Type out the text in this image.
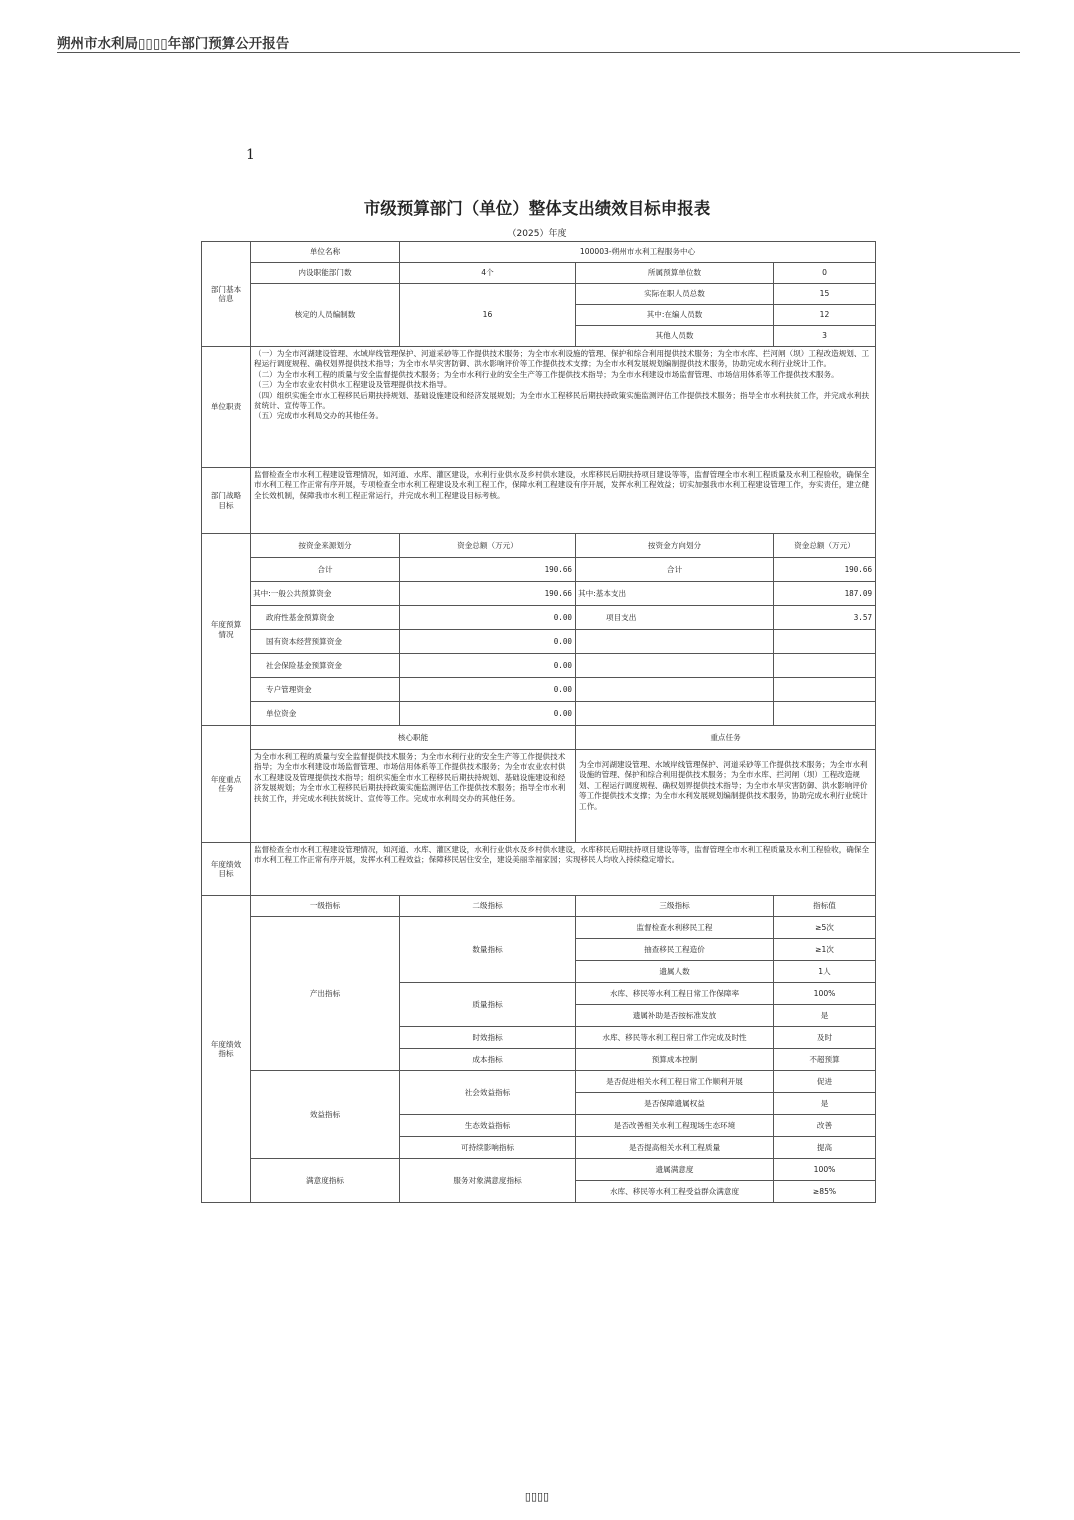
朔州市水利局▯▯▯▯年部门预算公开报告
1
市级预算部门（单位）整体支出绩效目标申报表
（2025）年度
部门基本信息	单位名称	100003-朔州市水利工程服务中心		
	内设职能部门数	4个	所属预算单位数	0
	核定的人员编制数	16	实际在职人员总数	15
			其中:在编人员数	12
			其他人员数	3
单位职责	（一）为全市河湖建设管理、水域岸线管理保护、河道采砂等工作提供技术服务；为全市水利设施的管理、保护和综合利用提供技术服务；为全市水库、拦河闸（坝）工程改造规划、工程运行调度规程、确权划界提供技术指导；为全市水旱灾害防御、洪水影响评价等工作提供技术支撑；为全市水利发展规划编制提供技术服务，协助完成水利行业统计工作。
（二）为全市水利工程的质量与安全监督提供技术服务；为全市水利行业的安全生产等工作提供技术指导；为全市水利建设市场监督管理、市场信用体系等工作提供技术服务。
（三）为全市农业农村供水工程建设及管理提供技术指导。
（四）组织实施全市水工程移民后期扶持规划、基础设施建设和经济发展规划；为全市水工程移民后期扶持政策实施监测评估工作提供技术服务；指导全市水利扶贫工作，并完成水利扶贫统计、宣传等工作。
（五）完成市水利局交办的其他任务。			

部门战略目标	监督检查全市水利工程建设管理情况，如河道、水库、灌区建设，水利行业供水及乡村供水建设，水库移民后期扶持项目建设等等，监督管理全市水利工程质量及水利工程验收，确保全市水利工程工作正常有序开展，专项检查全市水利工程建设及水利工程工作，保障水利工程建设有序开展，发挥水利工程效益；切实加强我市水利工程建设管理工作，夯实责任，建立健全长效机制，保障我市水利工程正常运行，并完成水利工程建设目标考核。			
年度预算情况	按资金来源划分	资金总额（万元）	按资金方向划分	资金总额（万元）
	合计	190.66	合计	190.66
	其中:一般公共预算资金	190.66	其中:基本支出	187.09
	政府性基金预算资金	0.00	项目支出	3.57
	国有资本经营预算资金	0.00		
	社会保险基金预算资金	0.00		
	专户管理资金	0.00		
	单位资金	0.00		
年度重点任务	核心职能		重点任务	
	为全市水利工程的质量与安全监督提供技术服务；为全市水利行业的安全生产等工作提供技术指导；为全市水利建设市场监督管理、市场信用体系等工作提供技术服务；为全市农业农村供水工程建设及管理提供技术指导；组织实施全市水工程移民后期扶持规划、基础设施建设和经济发展规划；为全市水工程移民后期扶持政策实施监测评估工作提供技术服务；指导全市水利扶贫工作，并完成水利扶贫统计、宣传等工作。完成市水利局交办的其他任务。		为全市河湖建设管理、水域岸线管理保护、河道采砂等工作提供技术服务；为全市水利设施的管理、保护和综合利用提供技术服务；为全市水库、拦河闸（坝）工程改造规划、工程运行调度规程、确权划界提供技术指导；为全市水旱灾害防御、洪水影响评价等工作提供技术支撑；为全市水利发展规划编制提供技术服务，协助完成水利行业统计工作。	
年度绩效目标	监督检查全市水利工程建设管理情况，如河道、水库、灌区建设，水利行业供水及乡村供水建设，水库移民后期扶持项目建设等等，监督管理全市水利工程质量及水利工程验收，确保全市水利工程工作正常有序开展，发挥水利工程效益；保障移民居住安全，建设美丽幸福家园；实现移民人均收入持续稳定增长。			
年度绩效指标	一级指标	二级指标	三级指标	指标值
	产出指标	数量指标	监督检查水利移民工程	≥5次
			抽查移民工程造价	≥1次
			遗属人数	1人
		质量指标	水库、移民等水利工程日常工作保障率	100%
			遗属补助是否按标准发放	是
		时效指标	水库、移民等水利工程日常工作完成及时性	及时
		成本指标	预算成本控制	不超预算
	效益指标	社会效益指标	是否促进相关水利工程日常工作顺利开展	促进
			是否保障遗属权益	是
		生态效益指标	是否改善相关水利工程现场生态环境	改善
		可持续影响指标	是否提高相关水利工程质量	提高
	满意度指标	服务对象满意度指标	遗属满意度	100%
			水库、移民等水利工程受益群众满意度	≥85%
▯▯▯▯
